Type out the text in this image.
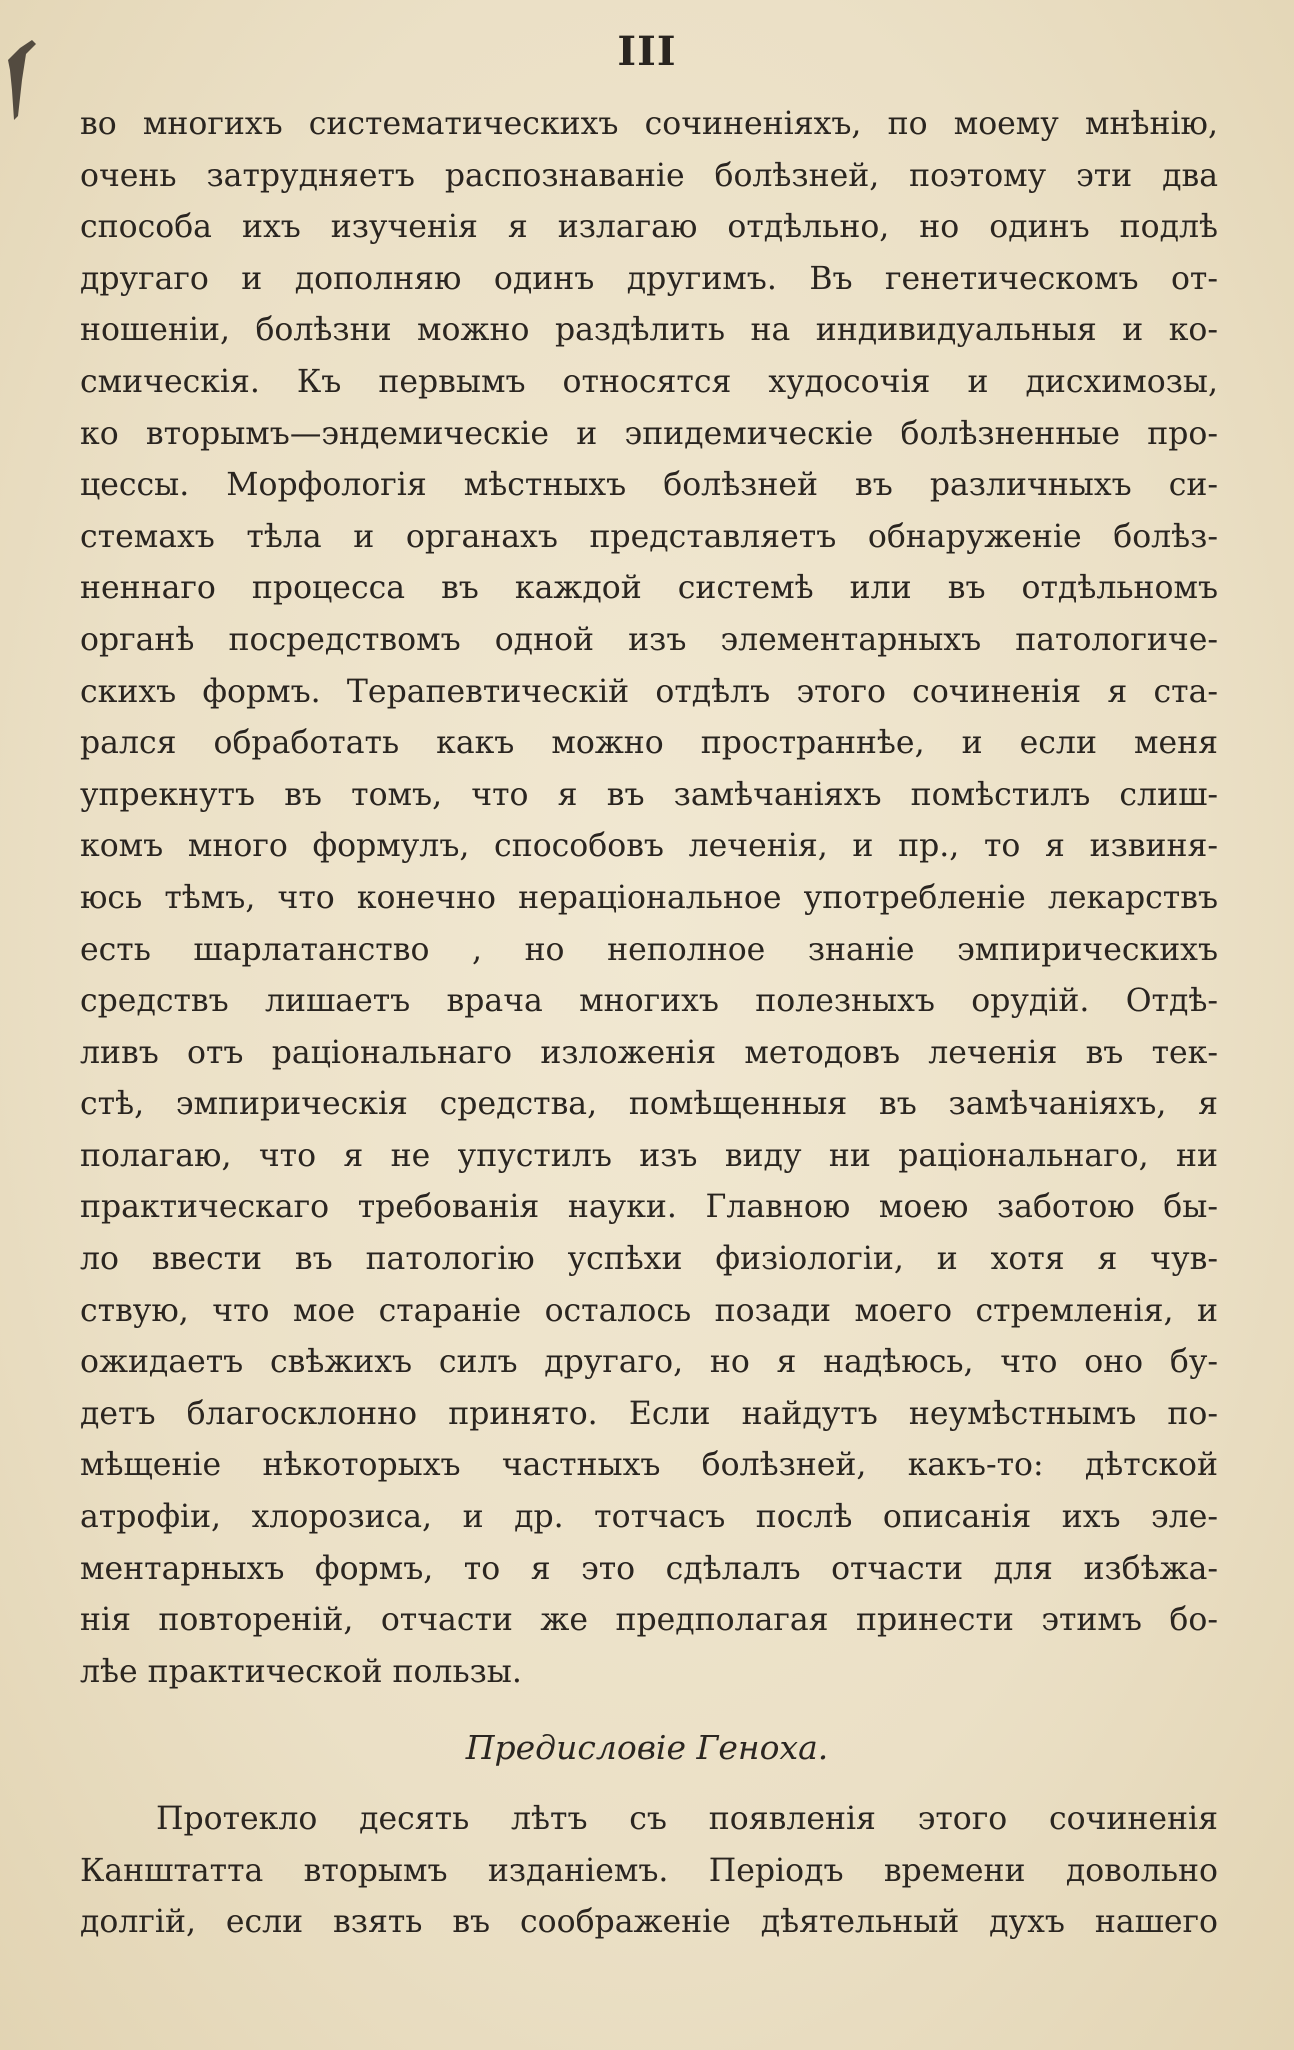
III
во многихъ систематическихъ сочиненіяхъ, по моему мнѣнію,
очень затрудняетъ распознаваніе болѣзней, поэтому эти два
способа ихъ изученія я излагаю отдѣльно, но одинъ подлѣ
другаго и дополняю одинъ другимъ. Въ генетическомъ от-
ношеніи, болѣзни можно раздѣлить на индивидуальныя и ко-
смическія. Къ первымъ относятся худосочія и дисхимозы,
ко вторымъ—эндемическіе и эпидемическіе болѣзненные про-
цессы. Морфологія мѣстныхъ болѣзней въ различныхъ си-
стемахъ тѣла и органахъ представляетъ обнаруженіе болѣз-
неннаго процесса въ каждой системѣ или въ отдѣльномъ
органѣ посредствомъ одной изъ элементарныхъ патологиче-
скихъ формъ. Терапевтическій отдѣлъ этого сочиненія я ста-
рался обработать какъ можно пространнѣе, и если меня
упрекнутъ въ томъ, что я въ замѣчаніяхъ помѣстилъ слиш-
комъ много формулъ, способовъ леченія, и пр., то я извиня-
юсь тѣмъ, что конечно нераціональное употребленіе лекарствъ
есть шарлатанство , но неполное знаніе эмпирическихъ
средствъ лишаетъ врача многихъ полезныхъ орудій. Отдѣ-
ливъ отъ раціональнаго изложенія методовъ леченія въ тек-
стѣ, эмпирическія средства, помѣщенныя въ замѣчаніяхъ, я
полагаю, что я не упустилъ изъ виду ни раціональнаго, ни
практическаго требованія науки. Главною моею заботою бы-
ло ввести въ патологію успѣхи физіологіи, и хотя я чув-
ствую, что мое стараніе осталось позади моего стремленія, и
ожидаетъ свѣжихъ силъ другаго, но я надѣюсь, что оно бу-
детъ благосклонно принято. Если найдутъ неумѣстнымъ по-
мѣщеніе нѣкоторыхъ частныхъ болѣзней, какъ-то: дѣтской
атрофіи, хлорозиса, и др. тотчасъ послѣ описанія ихъ эле-
ментарныхъ формъ, то я это сдѣлалъ отчасти для избѣжа-
нія повтореній, отчасти же предполагая принести этимъ бо-
лѣе практической пользы.
Предисловіе Геноха.
Протекло десять лѣтъ съ появленія этого сочиненія
Канштатта вторымъ изданіемъ. Періодъ времени довольно
долгій, если взять въ соображеніе дѣятельный духъ нашего
